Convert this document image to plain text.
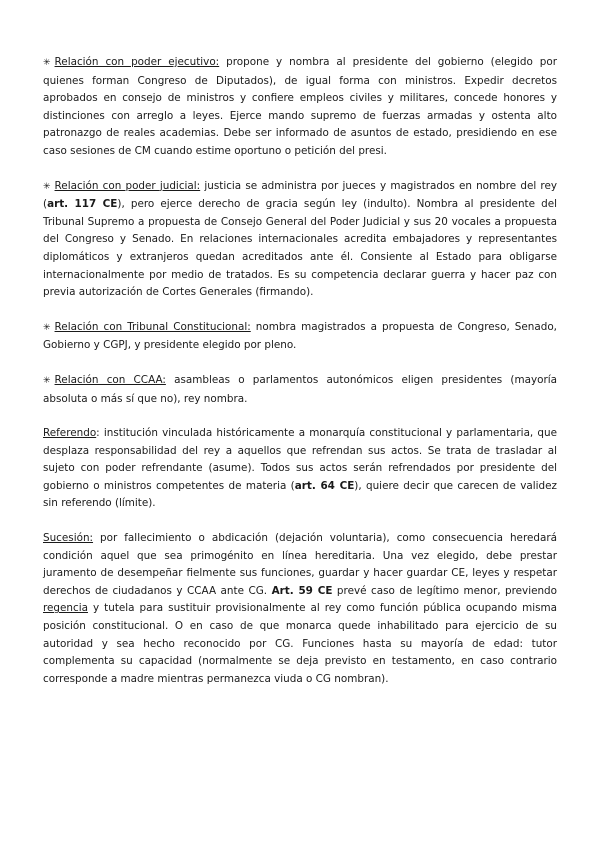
✳ Relación con poder ejecutivo: propone y nombra al presidente del gobierno (elegido por quienes forman Congreso de Diputados), de igual forma con ministros. Expedir decretos aprobados en consejo de ministros y confiere empleos civiles y militares, concede honores y distinciones con arreglo a leyes. Ejerce mando supremo de fuerzas armadas y ostenta alto patronazgo de reales academias. Debe ser informado de asuntos de estado, presidiendo en ese caso sesiones de CM cuando estime oportuno o petición del presi.

✳ Relación con poder judicial: justicia se administra por jueces y magistrados en nombre del rey (art. 117 CE), pero ejerce derecho de gracia según ley (indulto). Nombra al presidente del Tribunal Supremo a propuesta de Consejo General del Poder Judicial y sus 20 vocales a propuesta del Congreso y Senado. En relaciones internacionales acredita embajadores y representantes diplomáticos y extranjeros quedan acreditados ante él. Consiente al Estado para obligarse internacionalmente por medio de tratados. Es su competencia declarar guerra y hacer paz con previa autorización de Cortes Generales (firmando).

✳ Relación con Tribunal Constitucional: nombra magistrados a propuesta de Congreso, Senado, Gobierno y CGPJ, y presidente elegido por pleno.

✳ Relación con CCAA: asambleas o parlamentos autonómicos eligen presidentes (mayoría absoluta o más sí que no), rey nombra.

Referendo: institución vinculada históricamente a monarquía constitucional y parlamentaria, que desplaza responsabilidad del rey a aquellos que refrendan sus actos. Se trata de trasladar al sujeto con poder refrendante (asume). Todos sus actos serán refrendados por presidente del gobierno o ministros competentes de materia (art. 64 CE), quiere decir que carecen de validez sin referendo (límite).

Sucesión: por fallecimiento o abdicación (dejación voluntaria), como consecuencia heredará condición aquel que sea primogénito en línea hereditaria. Una vez elegido, debe prestar juramento de desempeñar fielmente sus funciones, guardar y hacer guardar CE, leyes y respetar derechos de ciudadanos y CCAA ante CG. Art. 59 CE prevé caso de legítimo menor, previendo regencia y tutela para sustituir provisionalmente al rey como función pública ocupando misma posición constitucional. O en caso de que monarca quede inhabilitado para ejercicio de su autoridad y sea hecho reconocido por CG. Funciones hasta su mayoría de edad: tutor complementa su capacidad (normalmente se deja previsto en testamento, en caso contrario corresponde a madre mientras permanezca viuda o CG nombran).
